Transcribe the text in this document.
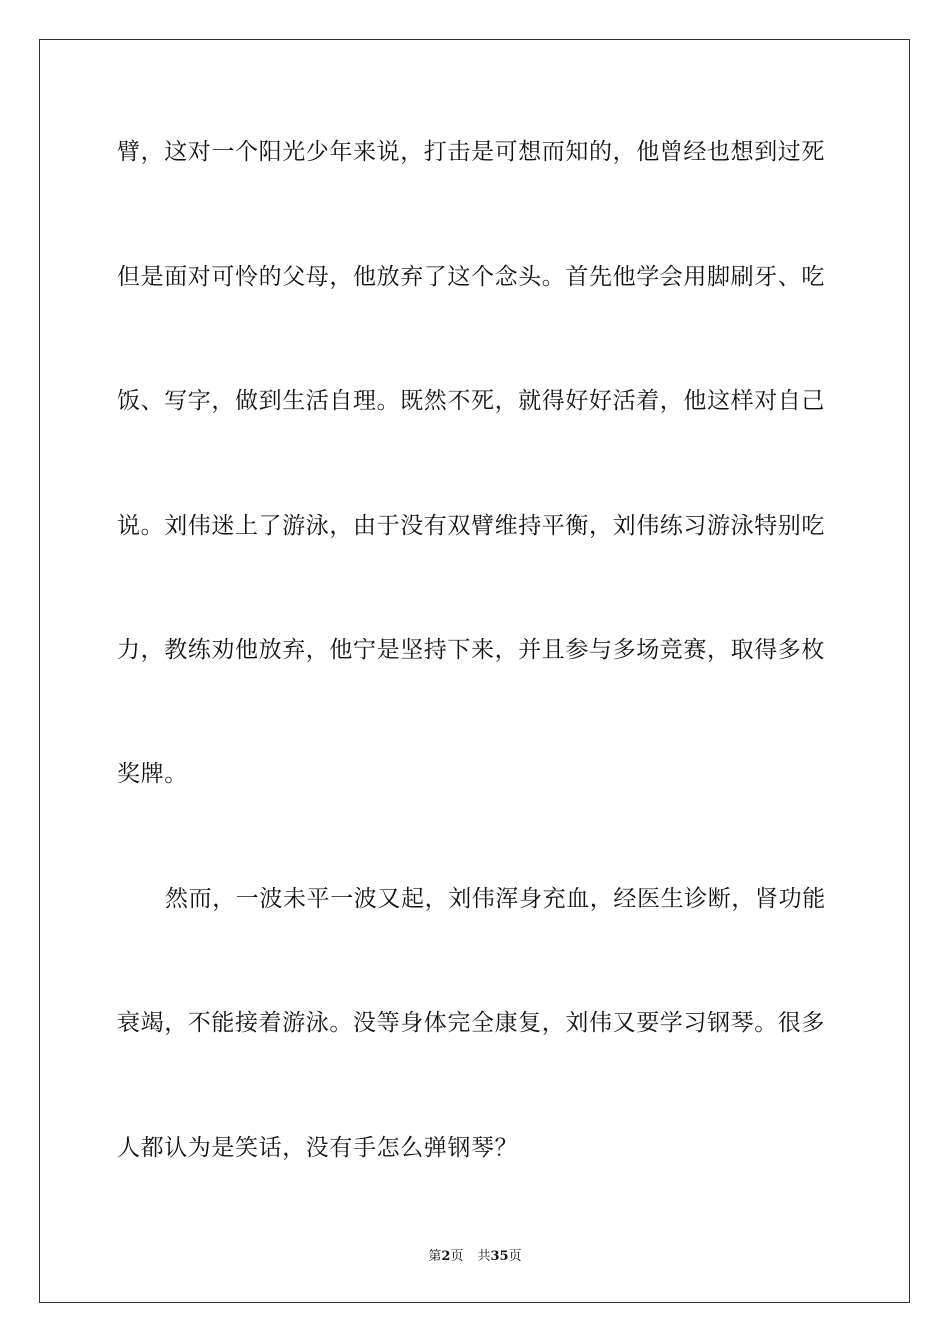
臂，这对一个阳光少年来说，打击是可想而知的，他曾经也想到过死
但是面对可怜的父母，他放弃了这个念头。首先他学会用脚刷牙、吃
饭、写字，做到生活自理。既然不死，就得好好活着，他这样对自己
说。刘伟迷上了游泳，由于没有双臂维持平衡，刘伟练习游泳特别吃
力，教练劝他放弃，他宁是坚持下来，并且参与多场竞赛，取得多枚
奖牌。
然而，一波未平一波又起，刘伟浑身充血，经医生诊断，肾功能
衰竭，不能接着游泳。没等身体完全康复，刘伟又要学习钢琴。很多
人都认为是笑话，没有手怎么弹钢琴？
第2页 共35页
